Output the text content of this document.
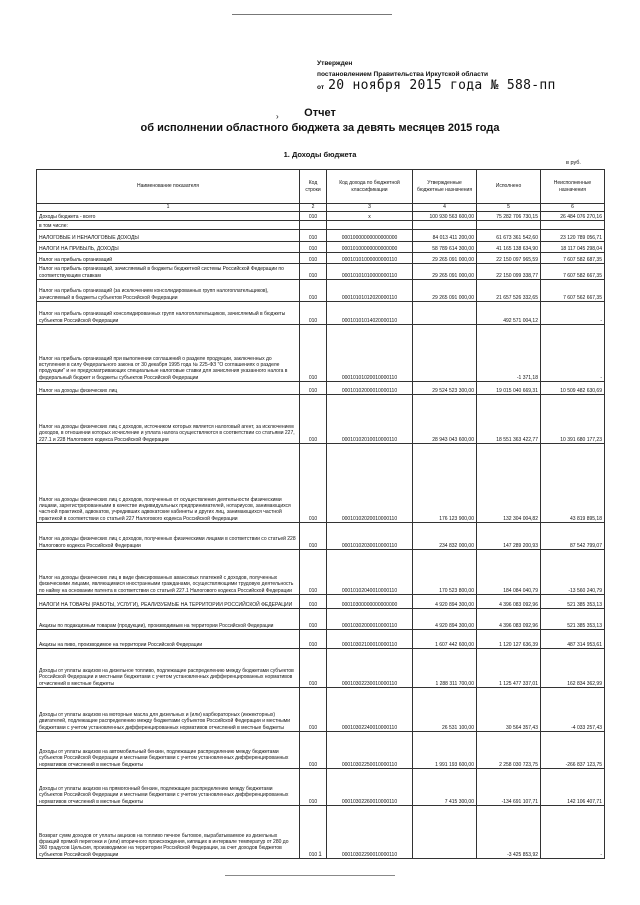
Утвержден
постановлением Правительства Иркутской области
от 20 ноября 2015 года № 588-пп
›	Отчет
об исполнении областного бюджета за девять месяцев 2015 года
1. Доходы бюджета
в руб.
Наименование показателя	Код строки	Код дохода по бюджетной классификации	Утвержденные бюджетные назначения	Исполнено	Неисполненные назначения
1	2	3	4	5	6
Доходы бюджета - всего	010	x	100 930 563 600,00	75 282 706 730,15	26 484 076 270,16
в том числе:					
НАЛОГОВЫЕ И НЕНАЛОГОВЫЕ ДОХОДЫ	010	00010000000000000000	84 013 411 200,00	61 673 361 542,60	23 120 789 056,71
НАЛОГИ НА ПРИБЫЛЬ, ДОХОДЫ	010	00010100000000000000	58 789 614 300,00	41 165 138 634,90	18 117 045 298,04
Налог на прибыль организаций	010	00010101000000000110	29 265 091 000,00	22 150 097 965,59	7 607 582 687,35
Налог на прибыль организаций, зачисляемый в бюджеты бюджетной системы Российской Федерации по соответствующим ставкам	010	00010101010000000110	29 265 091 000,00	22 150 099 338,77	7 607 582 667,35
Налог на прибыль организаций (за исключением консолидированных групп налогоплательщиков), зачисляемый в бюджеты субъектов Российской Федерации	010	00010101012020000110	29 265 091 000,00	21 657 526 332,65	7 607 562 667,35
Налог на прибыль организаций консолидированных групп налогоплательщиков, зачисляемый в бюджеты субъектов Российской Федерации	010	00010101014020000110		492 571 004,12	-
Налог на прибыль организаций при выполнении соглашений о разделе продукции, заключенных до вступления в силу Федерального закона от 30 декабря 1995 года № 225-ФЗ "О соглашениях о разделе продукции" и не предусматривающих специальные налоговые ставки для зачисления указанного налога в федеральный бюджет и бюджеты субъектов Российской Федерации	010	00010101020010000110		-1 371,18	-
Налог на доходы физических лиц	010	00010102000010000110	29 524 523 300,00	19 015 040 669,31	10 509 482 630,69
Налог на доходы физических лиц с доходов, источником которых является налоговый агент, за исключением доходов, в отношении которых исчисление и уплата налога осуществляются в соответствии со статьями 227, 227.1 и 228 Налогового кодекса Российской Федерации	010	00010102010010000110	28 943 043 600,00	18 551 363 422,77	10 391 680 177,23
Налог на доходы физических лиц с доходов, полученных от осуществления деятельности физическими лицами, зарегистрированными в качестве индивидуальных предпринимателей, нотариусов, занимающихся частной практикой, адвокатов, учредивших адвокатские кабинеты и других лиц, занимающихся частной практикой в соответствии со статьей 227 Налогового кодекса Российской Федерации	010	00010102020010000110	176 123 900,00	132 304 004,82	43 819 895,18
Налог на доходы физических лиц с доходов, полученных физическими лицами в соответствии со статьей 228 Налогового кодекса Российской Федерации	010	00010102030010000110	234 832 000,00	147 289 200,93	87 542 799,07
Налог на доходы физических лиц в виде фиксированных авансовых платежей с доходов, полученных физическими лицами, являющимися иностранными гражданами, осуществляющими трудовую деятельность по найму на основании патента в соответствии со статьей 227.1 Налогового кодекса Российской Федерации	010	00010102040010000110	170 523 800,00	184 084 040,79	-13 560 240,79
НАЛОГИ НА ТОВАРЫ (РАБОТЫ, УСЛУГИ), РЕАЛИЗУЕМЫЕ НА ТЕРРИТОРИИ РОССИЙСКОЙ ФЕДЕРАЦИИ	010	00010300000000000000	4 920 894 300,00	4 396 083 092,96	521 385 353,13
Акцизы по подакцизным товарам (продукции), производимым на территории Российской Федерации	010	00010302000010000110	4 920 894 300,00	4 396 083 092,96	521 385 353,13
Акцизы на пиво, производимое на территории Российской Федерации	010	00010302100010000110	1 607 442 600,00	1 120 127 636,39	487 314 953,61
Доходы от уплаты акцизов на дизельное топливо, подлежащие распределению между бюджетами субъектов Российской Федерации и местными бюджетами с учетом установленных дифференцированных нормативов отчислений в местные бюджеты	010	00010302230010000110	1 288 311 700,00	1 125 477 337,01	162 834 362,99
Доходы от уплаты акцизов на моторные масла для дизельных и (или) карбюраторных (инжекторных) двигателей, подлежащие распределению между бюджетами субъектов Российской Федерации и местными бюджетами с учетом установленных дифференцированных нормативов отчислений в местные бюджеты	010	00010302240010000110	26 531 100,00	30 564 357,43	-4 033 257,43
Доходы от уплаты акцизов на автомобильный бензин, подлежащие распределению между бюджетами субъектов Российской Федерации и местными бюджетами с учетом установленных дифференцированных нормативов отчислений в местные бюджеты	010	00010302250010000110	1 991 193 600,00	2 258 030 723,75	-266 837 123,75
Доходы от уплаты акцизов на прямогонный бензин, подлежащие распределению между бюджетами субъектов Российской Федерации и местными бюджетами с учетом установленных дифференцированных нормативов отчислений в местные бюджеты	010	00010302260010000110	7 415 300,00	-134 691 107,71	142 106 407,71
Возврат сумм доходов от уплаты акцизов на топливо печное бытовое, вырабатываемое из дизельных фракций прямой перегонки и (или) вторичного происхождения, кипящих в интервале температур от 280 до 360 градусов Цельсия, производимое на территории Российской Федерации, за счет доходов бюджетов субъектов Российской Федерации	010	00010302290010000110		-3 425 853,92	-
1
